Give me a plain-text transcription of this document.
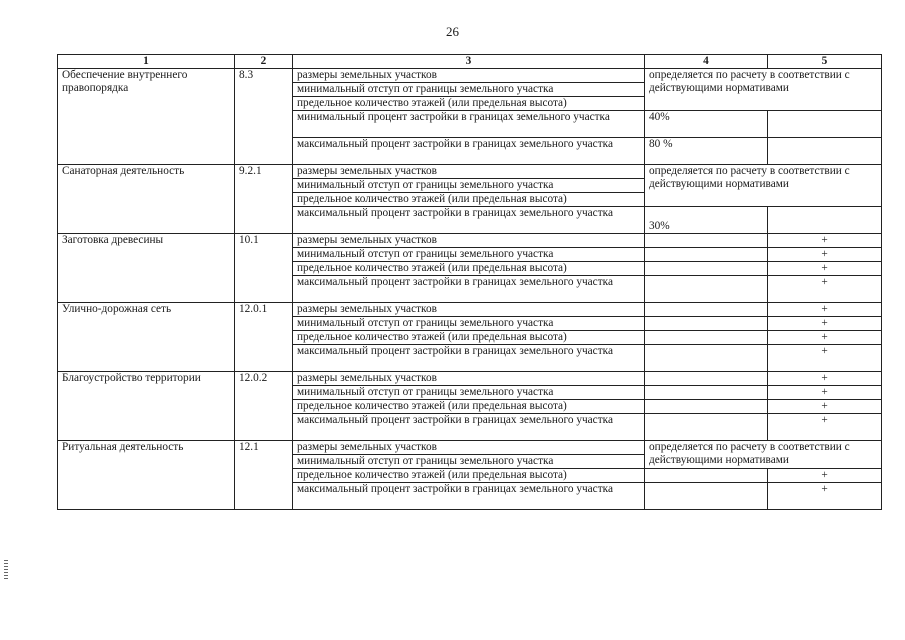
26
1	2	3	4	5
Обеспечение внутреннего правопорядка	8.3	размеры земельных участков	определяется по расчету в соответствии с действующими нормативами	
		минимальный отступ от границы земельного участка		
		предельное количество этажей (или предельная высота)		
		минимальный процент застройки в границах земельного участка	40%	
		максимальный процент застройки в границах земельного участка	80 %	
Санаторная деятельность	9.2.1	размеры земельных участков	определяется по расчету в соответствии с действующими нормативами	
		минимальный отступ от границы земельного участка		
		предельное количество этажей (или предельная высота)		
		максимальный процент застройки в границах земельного участка	30%	
Заготовка древесины	10.1	размеры земельных участков		+
		минимальный отступ от границы земельного участка		+
		предельное количество этажей (или предельная высота)		+
		максимальный процент застройки в границах земельного участка		+
Улично-дорожная сеть	12.0.1	размеры земельных участков		+
		минимальный отступ от границы земельного участка		+
		предельное количество этажей (или предельная высота)		+
		максимальный процент застройки в границах земельного участка		+
Благоустройство территории	12.0.2	размеры земельных участков		+
		минимальный отступ от границы земельного участка		+
		предельное количество этажей (или предельная высота)		+
		максимальный процент застройки в границах земельного участка		+
Ритуальная деятельность	12.1	размеры земельных участков	определяется по расчету в соответствии с действующими нормативами	
		минимальный отступ от границы земельного участка		
		предельное количество этажей (или предельная высота)		+
		максимальный процент застройки в границах земельного участка		+
